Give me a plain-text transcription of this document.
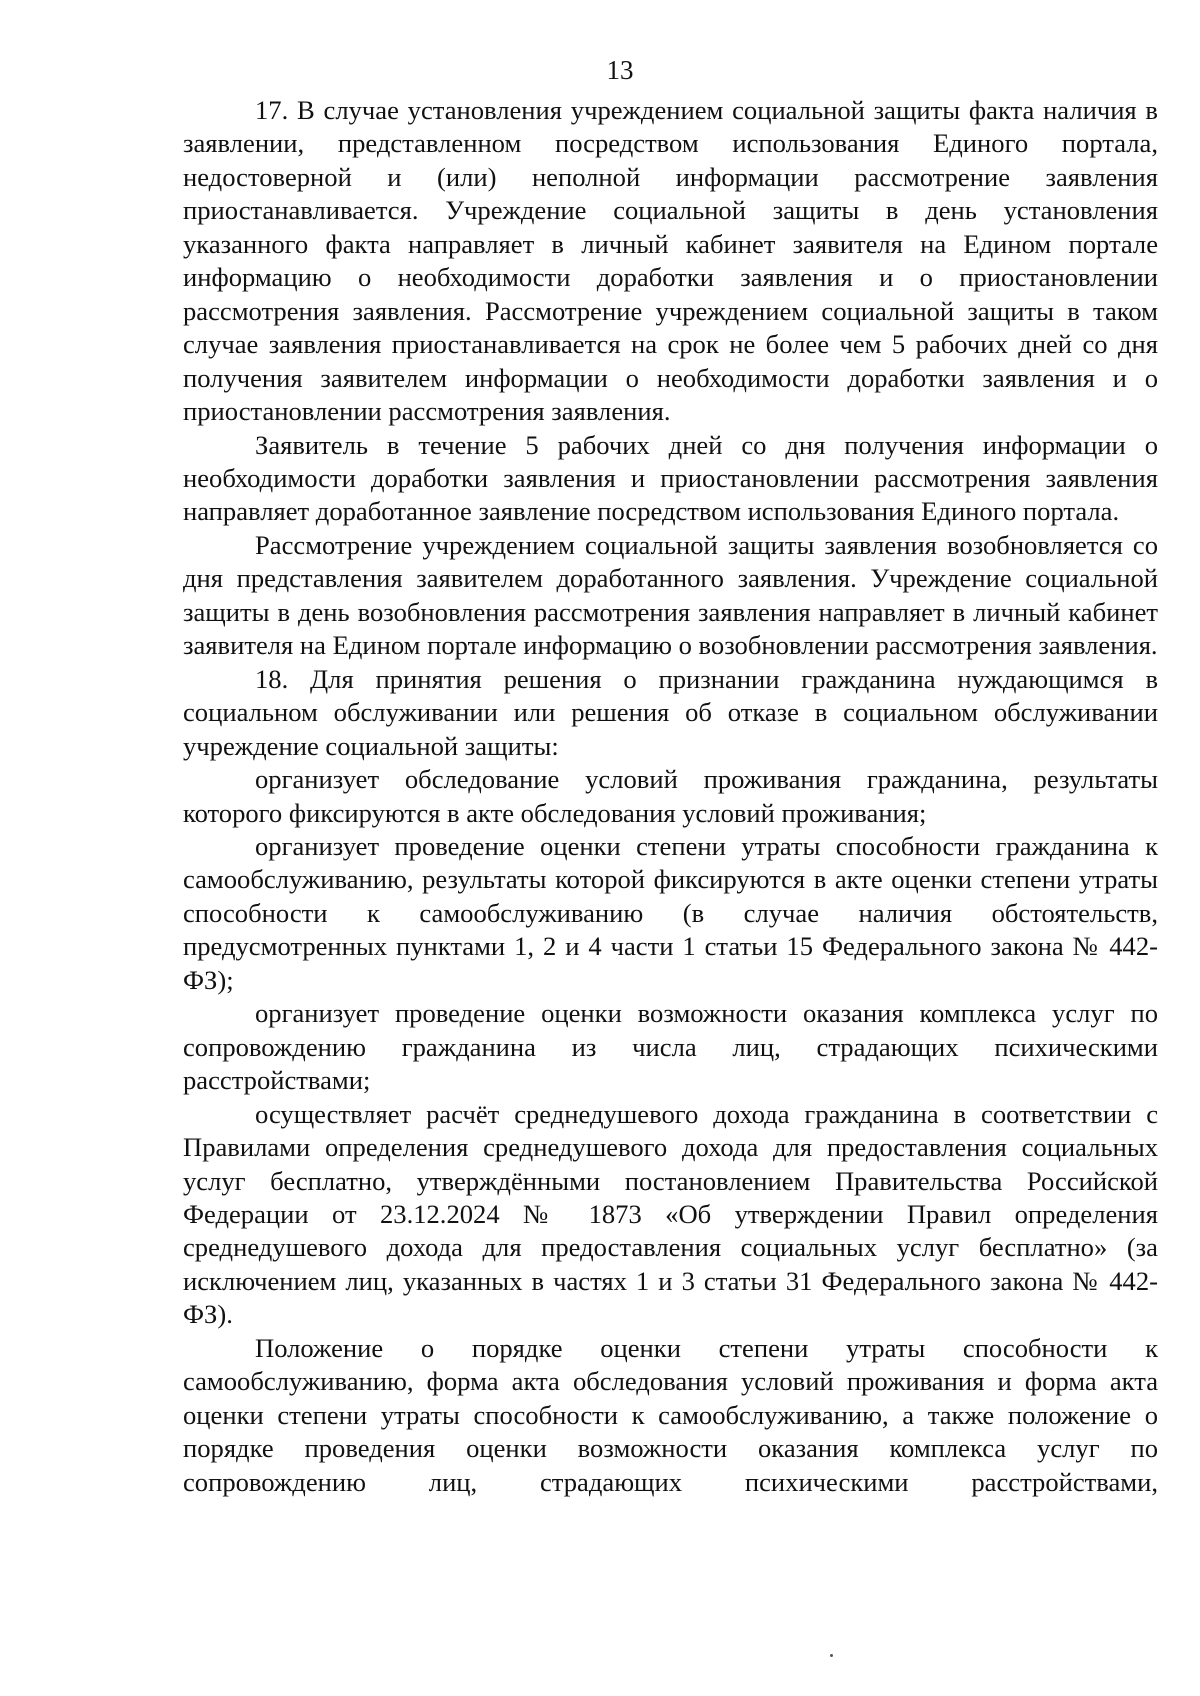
13

17. В случае установления учреждением социальной защиты факта наличия в заявлении, представленном посредством использования Единого портала, недостоверной и (или) неполной информации рассмотрение заявления приостанавливается. Учреждение социальной защиты в день установления указанного факта направляет в личный кабинет заявителя на Едином портале информацию о необходимости доработки заявления и о приостановлении рассмотрения заявления. Рассмотрение учреждением социальной защиты в таком случае заявления приостанавливается на срок не более чем 5 рабочих дней со дня получения заявителем информации о необходимости доработки заявления и о приостановлении рассмотрения заявления.

Заявитель в течение 5 рабочих дней со дня получения информации о необходимости доработки заявления и приостановлении рассмотрения заявления направляет доработанное заявление посредством использования Единого портала.

Рассмотрение учреждением социальной защиты заявления возобновляется со дня представления заявителем доработанного заявления. Учреждение социальной защиты в день возобновления рассмотрения заявления направляет в личный кабинет заявителя на Едином портале информацию о возобновлении рассмотрения заявления.

18. Для принятия решения о признании гражданина нуждающимся в социальном обслуживании или решения об отказе в социальном обслуживании учреждение социальной защиты:

организует обследование условий проживания гражданина, результаты которого фиксируются в акте обследования условий проживания;

организует проведение оценки степени утраты способности гражданина к самообслуживанию, результаты которой фиксируются в акте оценки степени утраты способности к самообслуживанию (в случае наличия обстоятельств, предусмотренных пунктами 1, 2 и 4 части 1 статьи 15 Федерального закона № 442-ФЗ);

организует проведение оценки возможности оказания комплекса услуг по сопровождению гражданина из числа лиц, страдающих психическими расстройствами;

осуществляет расчёт среднедушевого дохода гражданина в соответствии с Правилами определения среднедушевого дохода для предоставления социальных услуг бесплатно, утверждёнными постановлением Правительства Российской Федерации от 23.12.2024 № 1873 «Об утверждении Правил определения среднедушевого дохода для предоставления социальных услуг бесплатно» (за исключением лиц, указанных в частях 1 и 3 статьи 31 Федерального закона № 442-ФЗ).

Положение о порядке оценки степени утраты способности к самообслуживанию, форма акта обследования условий проживания и форма акта оценки степени утраты способности к самообслуживанию, а также положение о порядке проведения оценки возможности оказания комплекса услуг по сопровождению лиц, страдающих психическими расстройствами,
